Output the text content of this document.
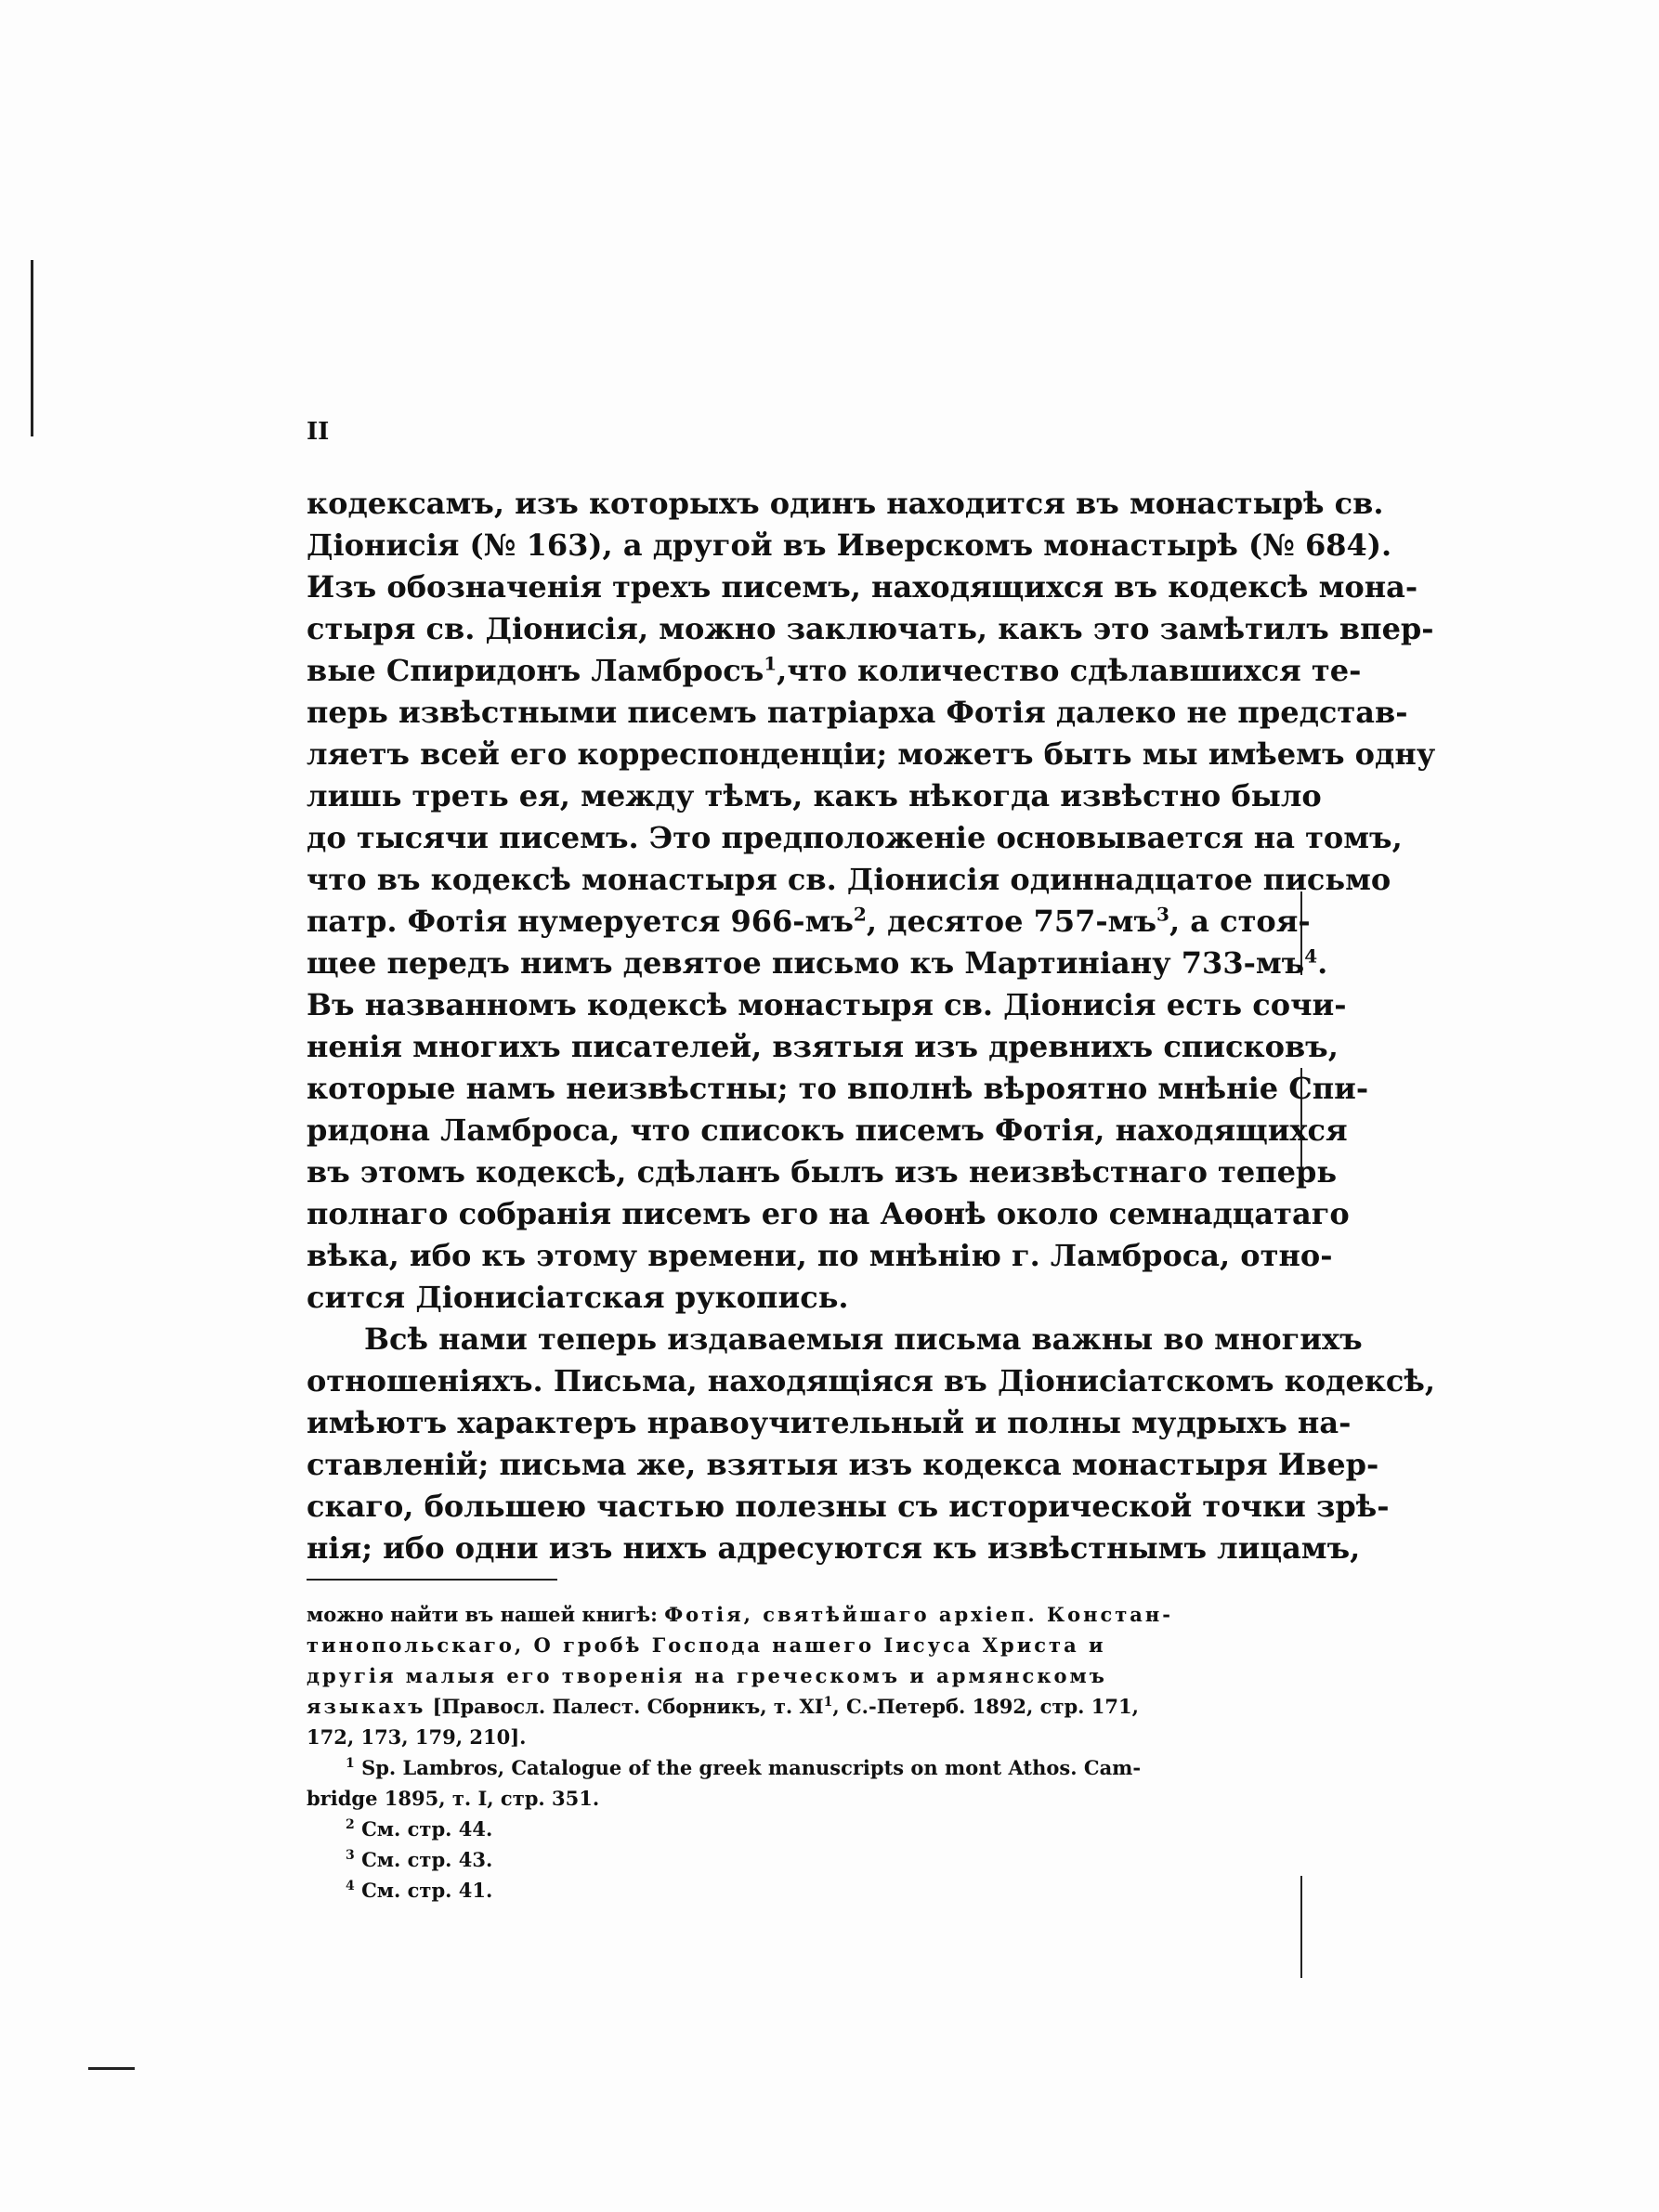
II
кодексамъ, изъ которыхъ одинъ находится въ монастырѣ св.
Діонисія (№ 163), а другой въ Иверскомъ монастырѣ (№ 684).
Изъ обозначенія трехъ писемъ, находящихся въ кодексѣ мона-
стыря св. Діонисія, можно заключать, какъ это замѣтилъ впер-
вые Спиридонъ Ламбросъ$^1$, что количество сдѣлавшихся те-
перь извѣстными писемъ патріарха Фотія далеко не представ-
ляетъ всей его корреспонденціи; можетъ быть мы имѣемъ одну
лишь треть ея, между тѣмъ, какъ нѣкогда извѣстно было
до тысячи писемъ. Это предположеніе основывается на томъ,
что въ кодексѣ монастыря св. Діонисія одиннадцатое письмо
патр. Фотія нумеруется $966-мъ^2$, десятое $757-мъ^3$, а стоя-
щее передъ нимъ девятое письмо къ Мартиніану $733-мъ^4$.
Въ названномъ кодексѣ монастыря св. Діонисія есть сочи-
ненія многихъ писателей, взятыя изъ древнихъ списковъ,
которые намъ неизвѣстны; то вполнѣ вѣроятно мнѣніе Спи-
ридона Ламброса, что списокъ писемъ Фотія, находящихся
въ этомъ кодексѣ, сдѣланъ былъ изъ неизвѣстнаго теперь
полнаго собранія писемъ его на Аѳонѣ около семнадцатаго
вѣка, ибо къ этому времени, по мнѣнію г. Ламброса, отно-
сится Діонисіатская рукопись.
Всѣ нами теперь издаваемыя письма важны во многихъ
отношеніяхъ. Письма, находящіяся въ Діонисіатскомъ кодексѣ,
имѣютъ характеръ нравоучительный и полны мудрыхъ на-
ставленій; письма же, взятыя изъ кодекса монастыря Ивер-
скаго, большею частью полезны съ исторической точки зрѣ-
нія; ибо одни изъ нихъ адресуются къ извѣстнымъ лицамъ,
можно найти въ нашей книгѣ: Фотія, святѣйшаго архіеп. Констан-
тинопольскаго, О гробѣ Господа нашего Іисуса Христа и
другія малыя его творенія на греческомъ и армянскомъ
языкахъ [Правосл. Палест. Сборникъ, т. $XI^1$, С.-Петерб. 1892, стр. 171,
172, 173, 179, 210].
$^1$ Sp. Lambros, Catalogue of the greek manuscripts on mont Athos. Cam-
bridge 1895, т. I, стр. 351.
$^2$ См. стр. 44.
$^3$ См. стр. 43.
$^4$ См. стр. 41.
